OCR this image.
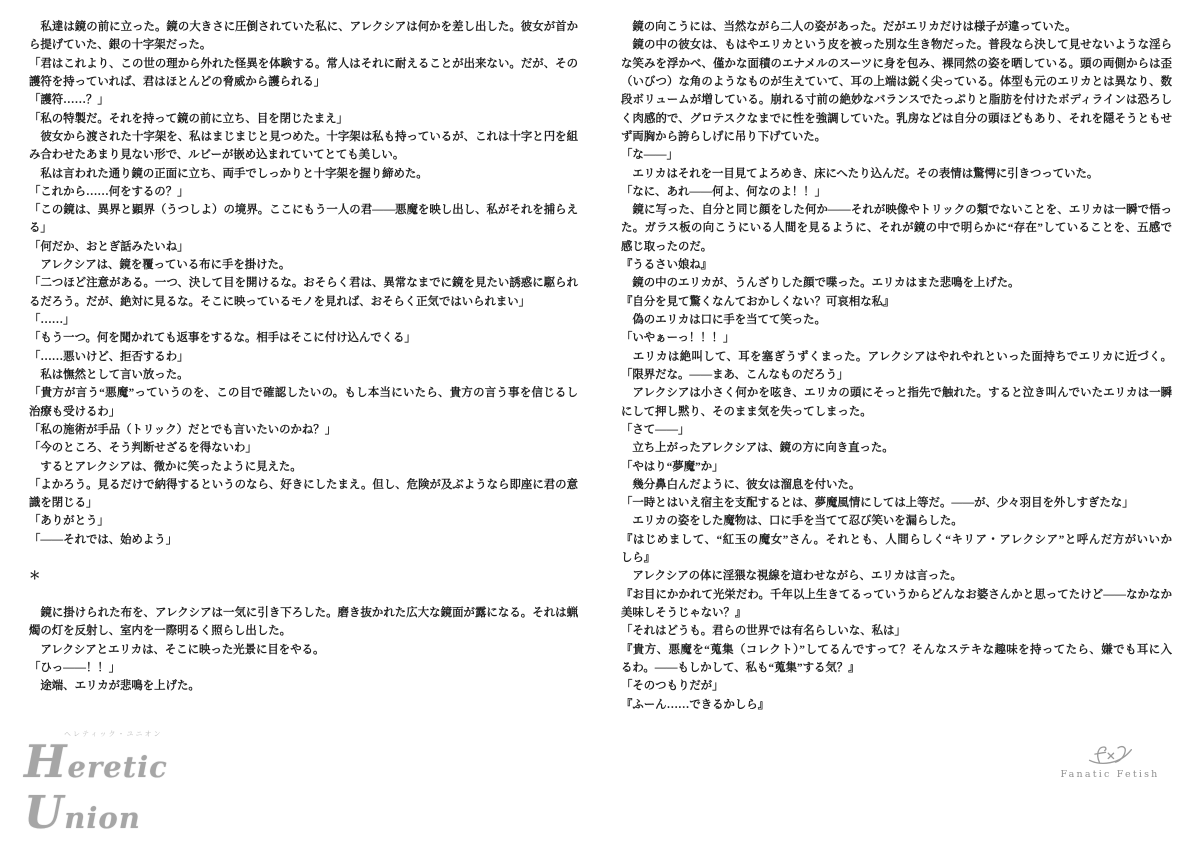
　私達は鏡の前に立った。鏡の大きさに圧倒されていた私に、アレクシアは何かを差し出した。彼女が首か
ら提げていた、銀の十字架だった。
「君はこれより、この世の理から外れた怪異を体験する。常人はそれに耐えることが出来ない。だが、その
護符を持っていれば、君はほとんどの脅威から護られる」
「護符……？」
「私の特製だ。それを持って鏡の前に立ち、目を閉じたまえ」
　彼女から渡された十字架を、私はまじまじと見つめた。十字架は私も持っているが、これは十字と円を組
み合わせたあまり見ない形で、ルビーが嵌め込まれていてとても美しい。
　私は言われた通り鏡の正面に立ち、両手でしっかりと十字架を握り締めた。
「これから……何をするの？」
「この鏡は、異界と顕界（うつしよ）の境界。ここにもう一人の君――悪魔を映し出し、私がそれを捕らえ
る」
「何だか、おとぎ話みたいね」
　アレクシアは、鏡を覆っている布に手を掛けた。
「二つほど注意がある。一つ、決して目を開けるな。おそらく君は、異常なまでに鏡を見たい誘惑に駆られ
るだろう。だが、絶対に見るな。そこに映っているモノを見れば、おそらく正気ではいられまい」
「……」
「もう一つ。何を聞かれても返事をするな。相手はそこに付け込んでくる」
「……悪いけど、拒否するわ」
　私は憮然として言い放った。
「貴方が言う“悪魔”っていうのを、この目で確認したいの。もし本当にいたら、貴方の言う事を信じるし
治療も受けるわ」
「私の施術が手品（トリック）だとでも言いたいのかね？」
「今のところ、そう判断せざるを得ないわ」
　するとアレクシアは、微かに笑ったように見えた。
「よかろう。見るだけで納得するというのなら、好きにしたまえ。但し、危険が及ぶようなら即座に君の意
識を閉じる」
「ありがとう」
「――それでは、始めよう」
＊
　鏡に掛けられた布を、アレクシアは一気に引き下ろした。磨き抜かれた広大な鏡面が露になる。それは蝋
燭の灯を反射し、室内を一際明るく照らし出した。
　アレクシアとエリカは、そこに映った光景に目をやる。
「ひっ――！！」
　途端、エリカが悲鳴を上げた。
　鏡の向こうには、当然ながら二人の姿があった。だがエリカだけは様子が違っていた。
　鏡の中の彼女は、もはやエリカという皮を被った別な生き物だった。普段なら決して見せないような淫ら
な笑みを浮かべ、僅かな面積のエナメルのスーツに身を包み、裸同然の姿を晒している。頭の両側からは歪
（いびつ）な角のようなものが生えていて、耳の上端は鋭く尖っている。体型も元のエリカとは異なり、数
段ボリュームが増している。崩れる寸前の絶妙なバランスでたっぷりと脂肪を付けたボディラインは恐ろし
く肉感的で、グロテスクなまでに性を強調していた。乳房などは自分の頭ほどもあり、それを隠そうともせ
ず両胸から誇らしげに吊り下げていた。
「な――」
　エリカはそれを一目見てよろめき、床にへたり込んだ。その表情は驚愕に引きつっていた。
「なに、あれ――何よ、何なのよ！！」
　鏡に写った、自分と同じ顔をした何か――それが映像やトリックの類でないことを、エリカは一瞬で悟っ
た。ガラス板の向こうにいる人間を見るように、それが鏡の中で明らかに“存在”していることを、五感で
感じ取ったのだ。
『うるさい娘ね』
　鏡の中のエリカが、うんざりした顔で喋った。エリカはまた悲鳴を上げた。
『自分を見て驚くなんておかしくない？可哀相な私』
　偽のエリカは口に手を当てて笑った。
「いやぁーっ！！！」
　エリカは絶叫して、耳を塞ぎうずくまった。アレクシアはやれやれといった面持ちでエリカに近づく。
「限界だな。――まあ、こんなものだろう」
　アレクシアは小さく何かを呟き、エリカの頭にそっと指先で触れた。すると泣き叫んでいたエリカは一瞬
にして押し黙り、そのまま気を失ってしまった。
「さて――」
　立ち上がったアレクシアは、鏡の方に向き直った。
「やはり“夢魔”か」
　幾分鼻白んだように、彼女は溜息を付いた。
「一時とはいえ宿主を支配するとは、夢魔風情にしては上等だ。――が、少々羽目を外しすぎたな」
　エリカの姿をした魔物は、口に手を当てて忍び笑いを漏らした。
『はじめまして、“紅玉の魔女”さん。それとも、人間らしく“キリア・アレクシア”と呼んだ方がいいか
しら』
　アレクシアの体に淫猥な視線を這わせながら、エリカは言った。
『お目にかかれて光栄だわ。千年以上生きてるっていうからどんなお婆さんかと思ってたけど――なかなか
美味しそうじゃない？』
「それはどうも。君らの世界では有名らしいな、私は」
『貴方、悪魔を“蒐集（コレクト）”してるんですって？そんなステキな趣味を持ってたら、嫌でも耳に入
るわ。――もしかして、私も“蒐集”する気？』
「そのつもりだが」
『ふーん……できるかしら』
ヘレティック・ユニオン
Heretic Union
Fanatic Fetish
